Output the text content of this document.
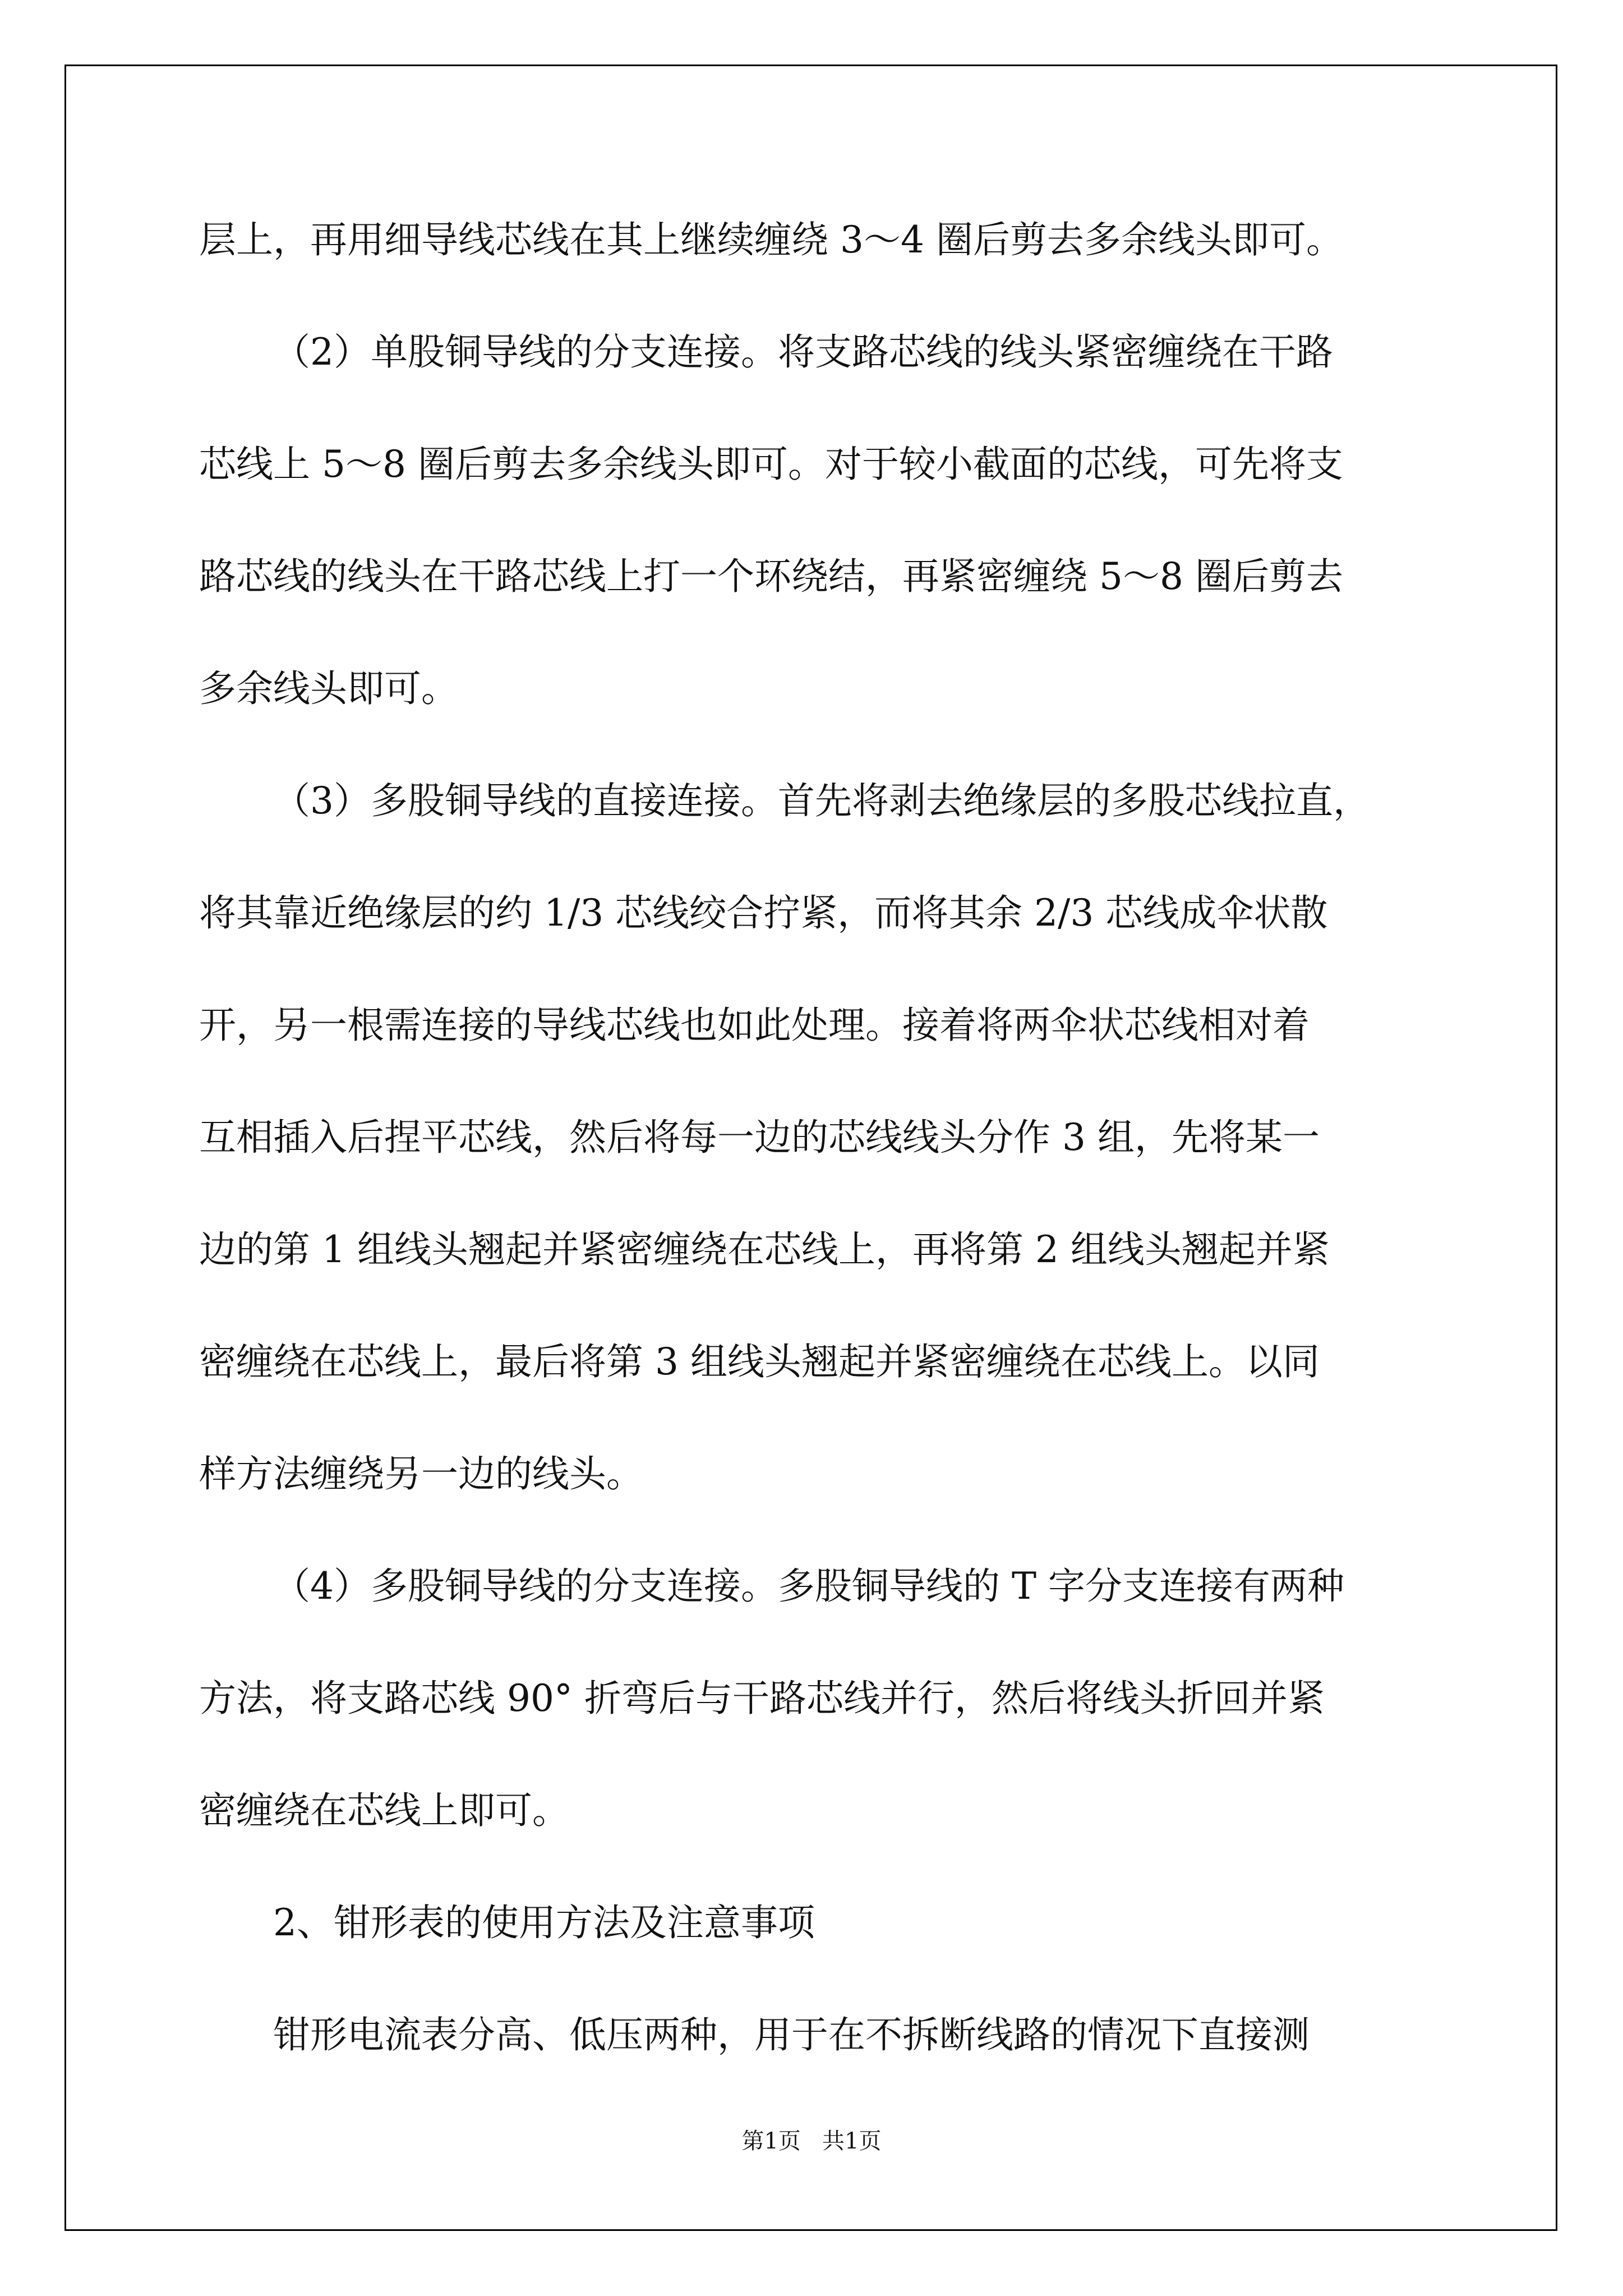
层上，再用细导线芯线在其上继续缠绕 3～4 圈后剪去多余线头即可。

（2）单股铜导线的分支连接。将支路芯线的线头紧密缠绕在干路

芯线上 5～8 圈后剪去多余线头即可。对于较小截面的芯线，可先将支

路芯线的线头在干路芯线上打一个环绕结，再紧密缠绕 5～8 圈后剪去

多余线头即可。

（3）多股铜导线的直接连接。首先将剥去绝缘层的多股芯线拉直，

将其靠近绝缘层的约 1/3 芯线绞合拧紧，而将其余 2/3 芯线成伞状散

开，另一根需连接的导线芯线也如此处理。接着将两伞状芯线相对着

互相插入后捏平芯线，然后将每一边的芯线线头分作 3 组，先将某一

边的第 1 组线头翘起并紧密缠绕在芯线上，再将第 2 组线头翘起并紧

密缠绕在芯线上，最后将第 3 组线头翘起并紧密缠绕在芯线上。以同

样方法缠绕另一边的线头。

（4）多股铜导线的分支连接。多股铜导线的 T 字分支连接有两种

方法，将支路芯线 90° 折弯后与干路芯线并行，然后将线头折回并紧

密缠绕在芯线上即可。

2、钳形表的使用方法及注意事项

钳形电流表分高、低压两种，用于在不拆断线路的情况下直接测

第1页   共1页
